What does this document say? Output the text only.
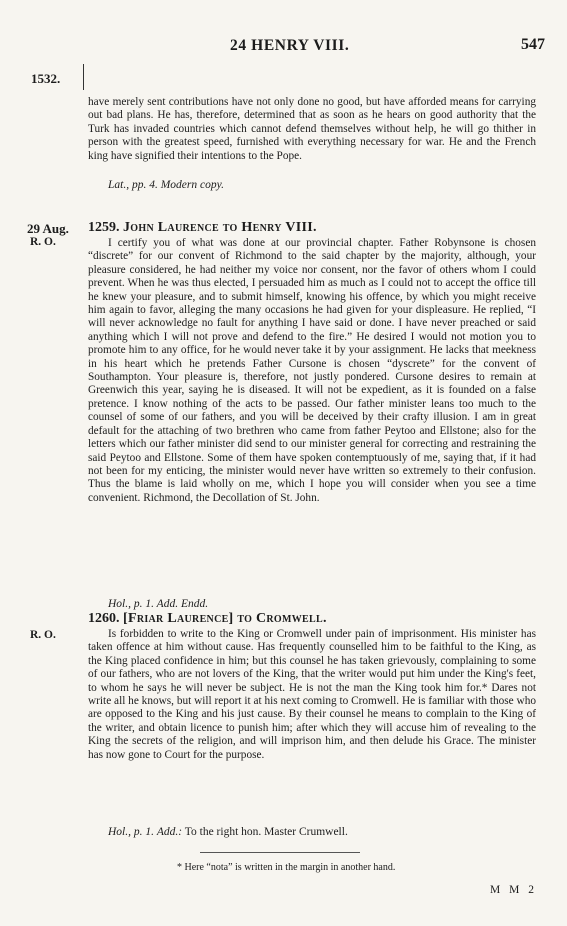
24 HENRY VIII.	547
1532.
have merely sent contributions have not only done no good, but have afforded means for carrying out bad plans. He has, therefore, determined that as soon as he hears on good authority that the Turk has invaded countries which cannot defend themselves without help, he will go thither in person with the greatest speed, furnished with everything necessary for war. He and the French king have signified their intentions to the Pope.
Lat., pp. 4. Modern copy.
29 Aug.
R. O.
1259. John Laurence to Henry VIII.
I certify you of what was done at our provincial chapter. Father Robynsone is chosen “discrete” for our convent of Richmond to the said chapter by the majority, although, your pleasure considered, he had neither my voice nor consent, nor the favor of others whom I could prevent. When he was thus elected, I persuaded him as much as I could not to accept the office till he knew your pleasure, and to submit himself, knowing his offence, by which you might receive him again to favor, alleging the many occasions he had given for your displeasure. He replied, “I will never acknowledge no fault for anything I have said or done. I have never preached or said anything which I will not prove and defend to the fire.” He desired I would not motion you to promote him to any office, for he would never take it by your assignment. He lacks that meekness in his heart which he pretends Father Cursone is chosen “dyscrete” for the convent of Southampton. Your pleasure is, therefore, not justly pondered. Cursone desires to remain at Greenwich this year, saying he is diseased. It will not be expedient, as it is founded on a false pretence. I know nothing of the acts to be passed. Our father minister leans too much to the counsel of some of our fathers, and you will be deceived by their crafty illusion. I am in great default for the attaching of two brethren who came from father Peytoo and Ellstone; also for the letters which our father minister did send to our minister general for correcting and restraining the said Peytoo and Ellstone. Some of them have spoken contemptuously of me, saying that, if it had not been for my enticing, the minister would never have written so extremely to their confusion. Thus the blame is laid wholly on me, which I hope you will consider when you see a time convenient. Richmond, the Decollation of St. John.
Hol., p. 1. Add. Endd.
R. O.
1260. [Friar Laurence] to Cromwell.
Is forbidden to write to the King or Cromwell under pain of imprisonment. His minister has taken offence at him without cause. Has frequently counselled him to be faithful to the King, as the King placed confidence in him; but this counsel he has taken grievously, complaining to some of our fathers, who are not lovers of the King, that the writer would put him under the King's feet, to whom he says he will never be subject. He is not the man the King took him for.* Dares not write all he knows, but will report it at his next coming to Cromwell. He is familiar with those who are opposed to the King and his just cause. By their counsel he means to complain to the King of the writer, and obtain licence to punish him; after which they will accuse him of revealing to the King the secrets of the religion, and will imprison him, and then delude his Grace. The minister has now gone to Court for the purpose.
Hol., p. 1. Add.: To the right hon. Master Crumwell.
* Here “nota” is written in the margin in another hand.
M M 2
